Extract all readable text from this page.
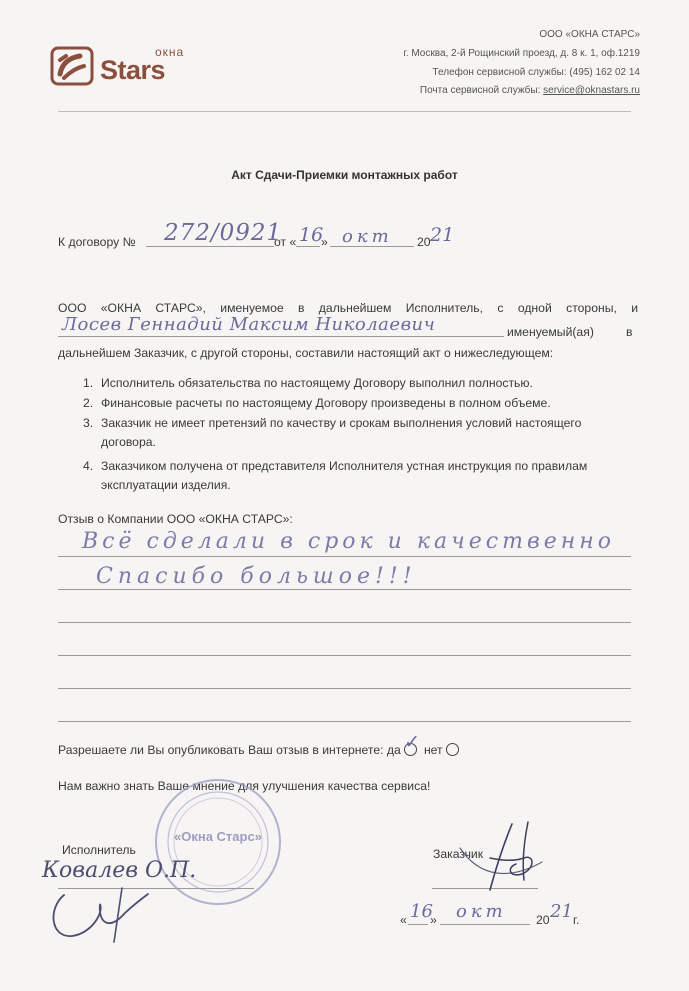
Stars
окна
ООО «ОКНА СТАРС»
г. Москва, 2-й Рощинский проезд, д. 8 к. 1, оф.1219
Телефон сервисной службы: (495) 162 02 14
Почта сервисной службы: service@oknastars.ru
Акт Сдачи-Приемки монтажных работ
К договору № 272/0921
от « 16
» окт 20 21
ООО «ОКНА СТАРС», именуемое в дальнейшем Исполнитель, с одной стороны, и
Лосев Геннадий Максим Николаевич	именуемый(ая)	в
дальнейшем Заказчик, с другой стороны, составили настоящий акт о нижеследующем:
1. Исполнитель обязательства по настоящему Договору выполнил полностью.
2. Финансовые расчеты по настоящему Договору произведены в полном объеме.
3. Заказчик не имеет претензий по качеству и срокам выполнения условий настоящего
договора.
4. Заказчиком получена от представителя Исполнителя устная инструкция по правилам
эксплуатации изделия.
Отзыв о Компании ООО «ОКНА СТАРС»:
Всё сделали в срок и качественно
Спасибо большое!!!
Разрешаете ли Вы опубликовать Ваш отзыв в интернете: да ✓ нет
Нам важно знать Ваше мнение для улучшения качества сервиса!
«Окна Старс»
Исполнитель
Ковалев О.П.
Заказчик
« 16
» окт 20 21 г.
